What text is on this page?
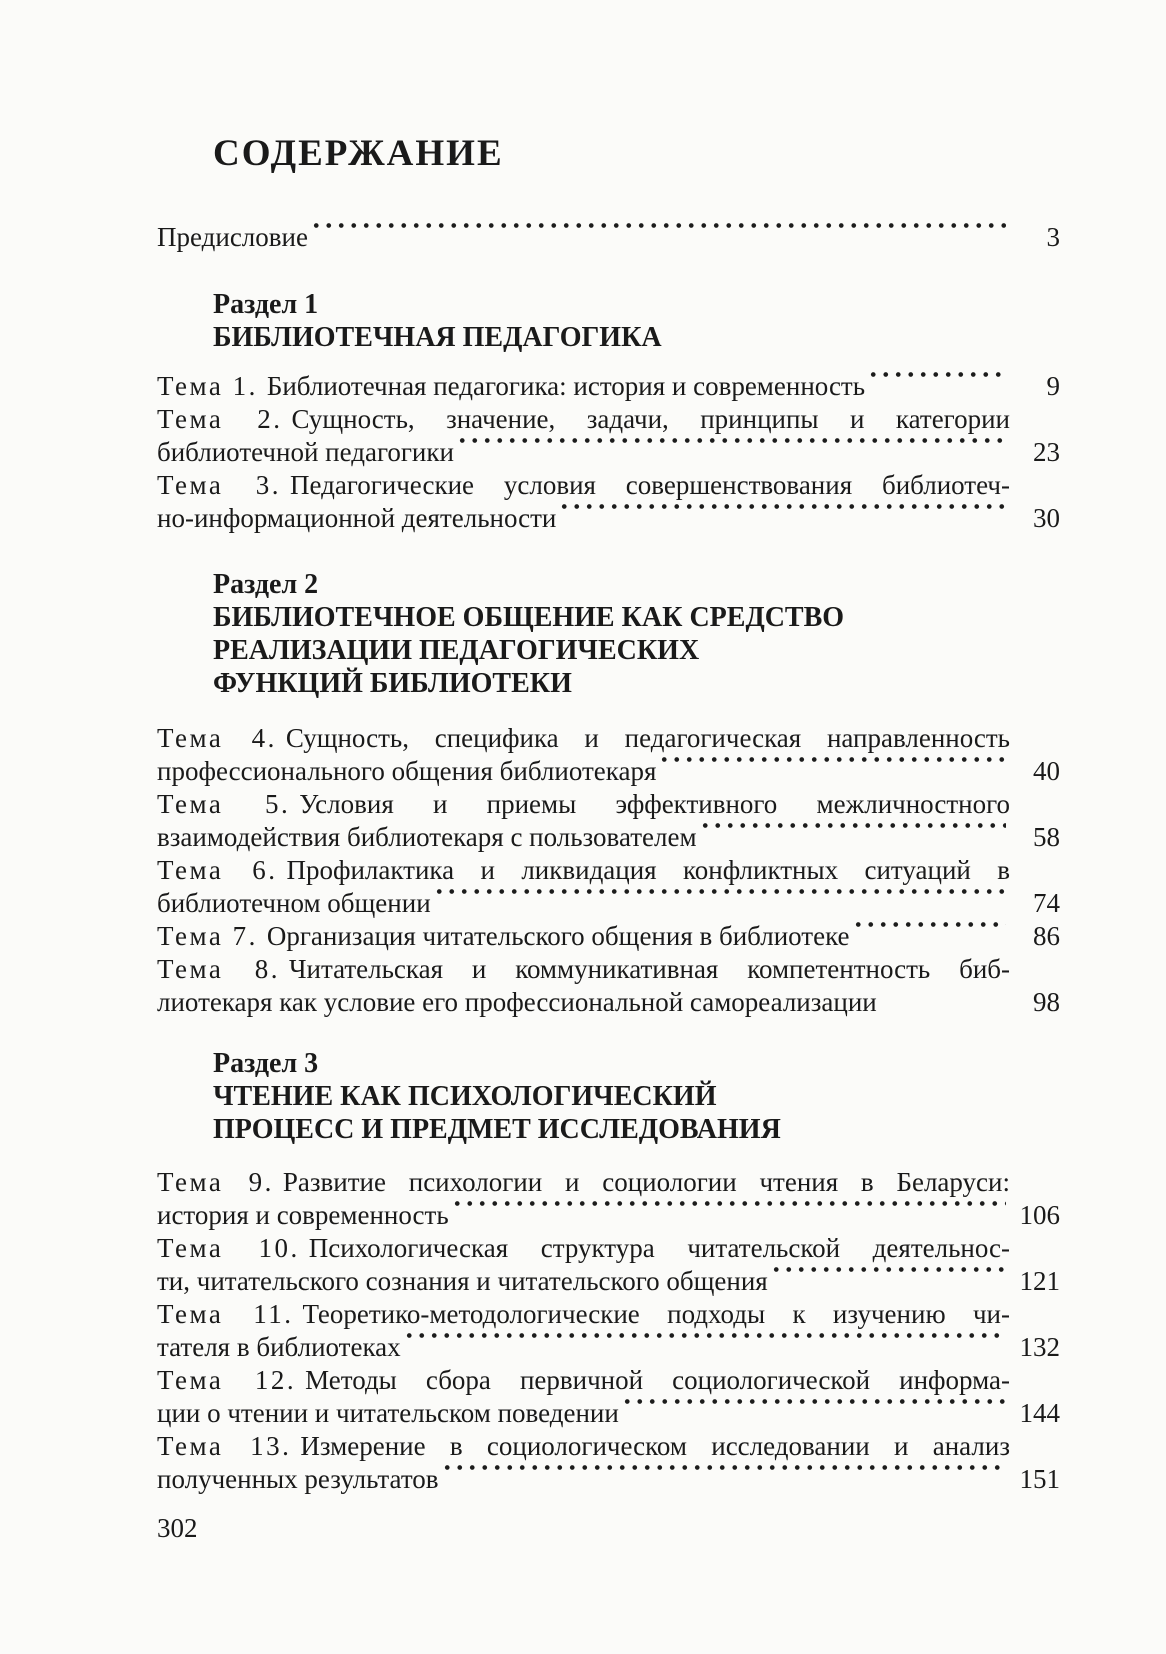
СОДЕРЖАНИЕ
Предисловие	3
Раздел 1
БИБЛИОТЕЧНАЯ ПЕДАГОГИКА
Тема 1. Библиотечная педагогика: история и современность	9
Тема 2. Сущность, значение, задачи, принципы и категории
библиотечной педагогики	23
Тема 3. Педагогические условия совершенствования библиотеч-
но-информационной деятельности	30
Раздел 2
БИБЛИОТЕЧНОЕ ОБЩЕНИЕ КАК СРЕДСТВО
РЕАЛИЗАЦИИ ПЕДАГОГИЧЕСКИХ
ФУНКЦИЙ БИБЛИОТЕКИ
Тема 4. Сущность, специфика и педагогическая направленность
профессионального общения библиотекаря	40
Тема 5. Условия и приемы эффективного межличностного
взаимодействия библиотекаря с пользователем	58
Тема 6. Профилактика и ликвидация конфликтных ситуаций в
библиотечном общении	74
Тема 7. Организация читательского общения в библиотеке	86
Тема 8. Читательская и коммуникативная компетентность биб-
лиотекаря как условие его профессиональной самореализации	98
Раздел 3
ЧТЕНИЕ КАК ПСИХОЛОГИЧЕСКИЙ
ПРОЦЕСС И ПРЕДМЕТ ИССЛЕДОВАНИЯ
Тема 9. Развитие психологии и социологии чтения в Беларуси:
история и современность	106
Тема 10. Психологическая структура читательской деятельнос-
ти, читательского сознания и читательского общения	121
Тема 11. Теоретико-методологические подходы к изучению чи-
тателя в библиотеках	132
Тема 12. Методы сбора первичной социологической информа-
ции о чтении и читательском поведении	144
Тема 13. Измерение в социологическом исследовании и анализ
полученных результатов	151
302
